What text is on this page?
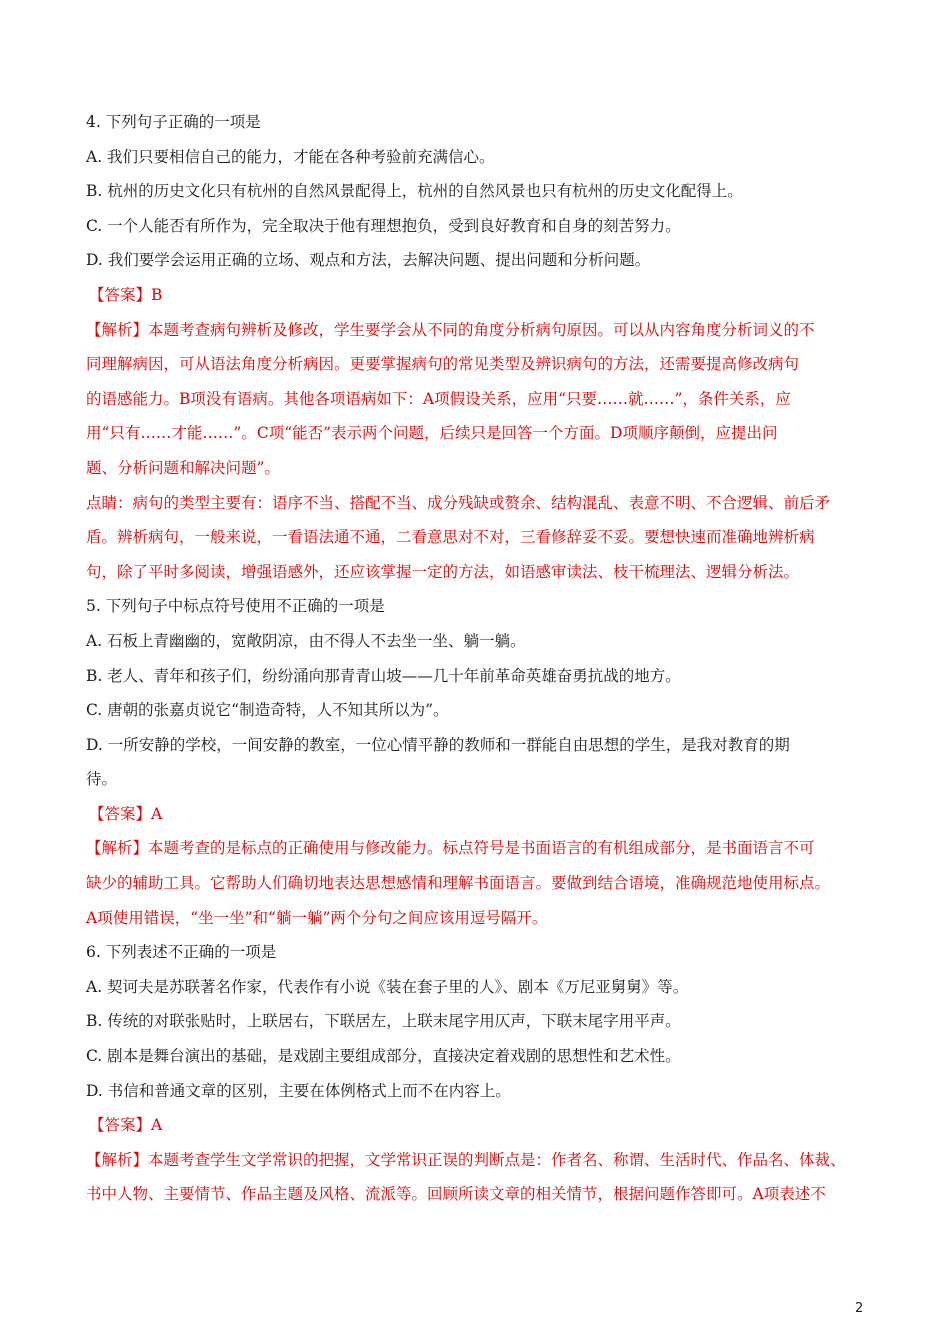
4. 下列句子正确的一项是
A. 我们只要相信自己的能力，才能在各种考验前充满信心。
B. 杭州的历史文化只有杭州的自然风景配得上，杭州的自然风景也只有杭州的历史文化配得上。
C. 一个人能否有所作为，完全取决于他有理想抱负，受到良好教育和自身的刻苦努力。
D. 我们要学会运用正确的立场、观点和方法，去解决问题、提出问题和分析问题。
【答案】B
【解析】本题考查病句辨析及修改，学生要学会从不同的角度分析病句原因。可以从内容角度分析词义的不
同理解病因，可从语法角度分析病因。更要掌握病句的常见类型及辨识病句的方法，还需要提高修改病句
的语感能力。B项没有语病。其他各项语病如下：A项假设关系，应用“只要……就……”，条件关系，应
用“只有……才能……”。C项“能否”表示两个问题，后续只是回答一个方面。D项顺序颠倒，应提出问
题、分析问题和解决问题”。
点睛：病句的类型主要有：语序不当、搭配不当、成分残缺或赘余、结构混乱、表意不明、不合逻辑、前后矛
盾。辨析病句，一般来说，一看语法通不通，二看意思对不对，三看修辞妥不妥。要想快速而准确地辨析病
句，除了平时多阅读，增强语感外，还应该掌握一定的方法，如语感审读法、枝干梳理法、逻辑分析法。
5. 下列句子中标点符号使用不正确的一项是
A. 石板上青幽幽的，宽敞阴凉，由不得人不去坐一坐、躺一躺。
B. 老人、青年和孩子们，纷纷涌向那青青山坡——几十年前革命英雄奋勇抗战的地方。
C. 唐朝的张嘉贞说它“制造奇特，人不知其所以为”。
D. 一所安静的学校，一间安静的教室，一位心情平静的教师和一群能自由思想的学生，是我对教育的期
待。
【答案】A
【解析】本题考查的是标点的正确使用与修改能力。标点符号是书面语言的有机组成部分，是书面语言不可
缺少的辅助工具。它帮助人们确切地表达思想感情和理解书面语言。要做到结合语境，准确规范地使用标点。
A项使用错误，“坐一坐”和“躺一躺”两个分句之间应该用逗号隔开。
6. 下列表述不正确的一项是
A. 契诃夫是苏联著名作家，代表作有小说《装在套子里的人》、剧本《万尼亚舅舅》等。
B. 传统的对联张贴时，上联居右，下联居左，上联末尾字用仄声，下联末尾字用平声。
C. 剧本是舞台演出的基础，是戏剧主要组成部分，直接决定着戏剧的思想性和艺术性。
D. 书信和普通文章的区别，主要在体例格式上而不在内容上。
【答案】A
【解析】本题考查学生文学常识的把握，文学常识正误的判断点是：作者名、称谓、生活时代、作品名、体裁、
书中人物、主要情节、作品主题及风格、流派等。回顾所读文章的相关情节，根据问题作答即可。A项表述不
2
